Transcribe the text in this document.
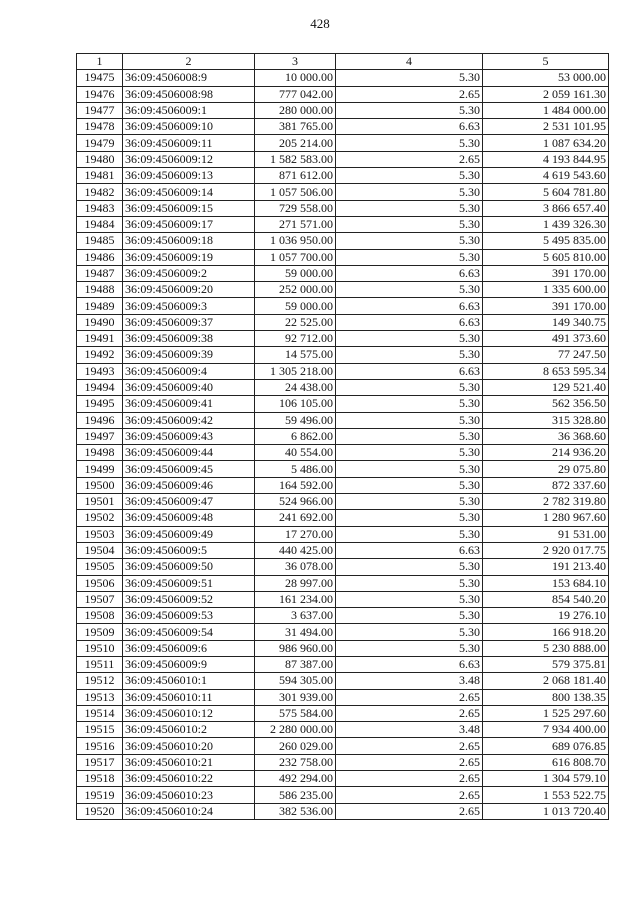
428
1	2	3	4	5
19475	36:09:4506008:9	10 000.00	5.30	53 000.00
19476	36:09:4506008:98	777 042.00	2.65	2 059 161.30
19477	36:09:4506009:1	280 000.00	5.30	1 484 000.00
19478	36:09:4506009:10	381 765.00	6.63	2 531 101.95
19479	36:09:4506009:11	205 214.00	5.30	1 087 634.20
19480	36:09:4506009:12	1 582 583.00	2.65	4 193 844.95
19481	36:09:4506009:13	871 612.00	5.30	4 619 543.60
19482	36:09:4506009:14	1 057 506.00	5.30	5 604 781.80
19483	36:09:4506009:15	729 558.00	5.30	3 866 657.40
19484	36:09:4506009:17	271 571.00	5.30	1 439 326.30
19485	36:09:4506009:18	1 036 950.00	5.30	5 495 835.00
19486	36:09:4506009:19	1 057 700.00	5.30	5 605 810.00
19487	36:09:4506009:2	59 000.00	6.63	391 170.00
19488	36:09:4506009:20	252 000.00	5.30	1 335 600.00
19489	36:09:4506009:3	59 000.00	6.63	391 170.00
19490	36:09:4506009:37	22 525.00	6.63	149 340.75
19491	36:09:4506009:38	92 712.00	5.30	491 373.60
19492	36:09:4506009:39	14 575.00	5.30	77 247.50
19493	36:09:4506009:4	1 305 218.00	6.63	8 653 595.34
19494	36:09:4506009:40	24 438.00	5.30	129 521.40
19495	36:09:4506009:41	106 105.00	5.30	562 356.50
19496	36:09:4506009:42	59 496.00	5.30	315 328.80
19497	36:09:4506009:43	6 862.00	5.30	36 368.60
19498	36:09:4506009:44	40 554.00	5.30	214 936.20
19499	36:09:4506009:45	5 486.00	5.30	29 075.80
19500	36:09:4506009:46	164 592.00	5.30	872 337.60
19501	36:09:4506009:47	524 966.00	5.30	2 782 319.80
19502	36:09:4506009:48	241 692.00	5.30	1 280 967.60
19503	36:09:4506009:49	17 270.00	5.30	91 531.00
19504	36:09:4506009:5	440 425.00	6.63	2 920 017.75
19505	36:09:4506009:50	36 078.00	5.30	191 213.40
19506	36:09:4506009:51	28 997.00	5.30	153 684.10
19507	36:09:4506009:52	161 234.00	5.30	854 540.20
19508	36:09:4506009:53	3 637.00	5.30	19 276.10
19509	36:09:4506009:54	31 494.00	5.30	166 918.20
19510	36:09:4506009:6	986 960.00	5.30	5 230 888.00
19511	36:09:4506009:9	87 387.00	6.63	579 375.81
19512	36:09:4506010:1	594 305.00	3.48	2 068 181.40
19513	36:09:4506010:11	301 939.00	2.65	800 138.35
19514	36:09:4506010:12	575 584.00	2.65	1 525 297.60
19515	36:09:4506010:2	2 280 000.00	3.48	7 934 400.00
19516	36:09:4506010:20	260 029.00	2.65	689 076.85
19517	36:09:4506010:21	232 758.00	2.65	616 808.70
19518	36:09:4506010:22	492 294.00	2.65	1 304 579.10
19519	36:09:4506010:23	586 235.00	2.65	1 553 522.75
19520	36:09:4506010:24	382 536.00	2.65	1 013 720.40
